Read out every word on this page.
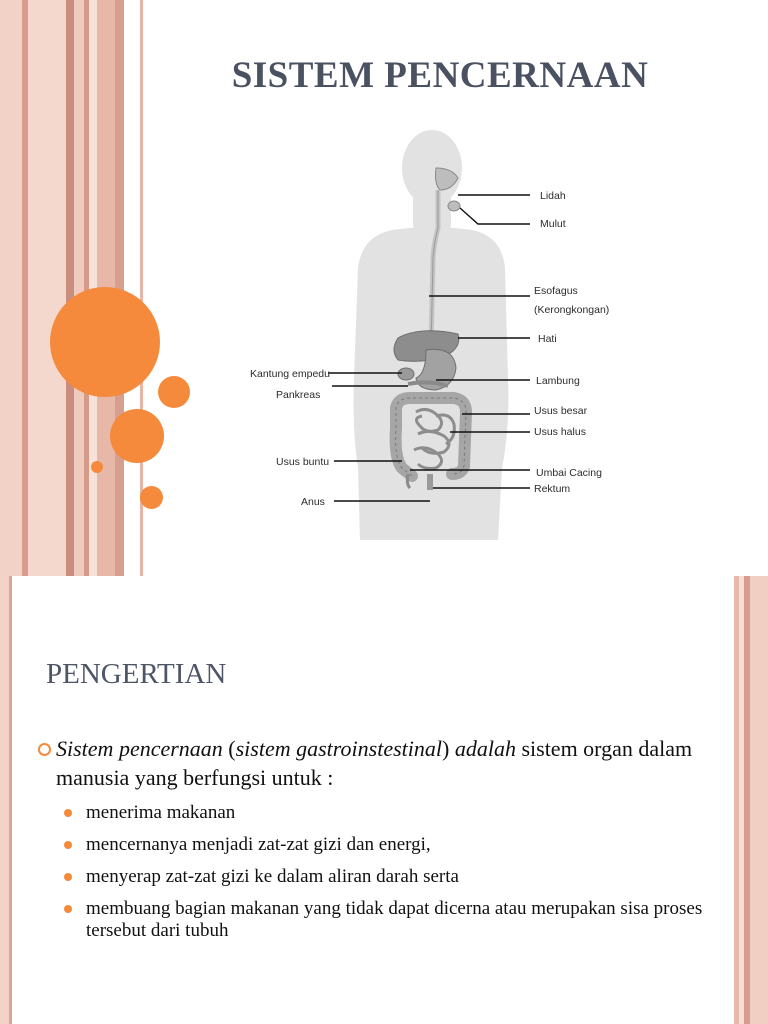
SISTEM PENCERNAAN
Lidah
Mulut
Esofagus
(Kerongkongan)
Hati
Kantung empedu
Pankreas
Lambung
Usus besar
Usus halus
Usus buntu
Umbai Cacing
Rektum
Anus
PENGERTIAN
Sistem pencernaan (sistem gastroinstestinal) adalah sistem organ dalam manusia yang berfungsi untuk :
menerima makanan
mencernanya menjadi zat-zat gizi dan energi,
menyerap zat-zat gizi ke dalam aliran darah serta
membuang bagian makanan yang tidak dapat dicerna atau merupakan sisa proses tersebut dari tubuh
